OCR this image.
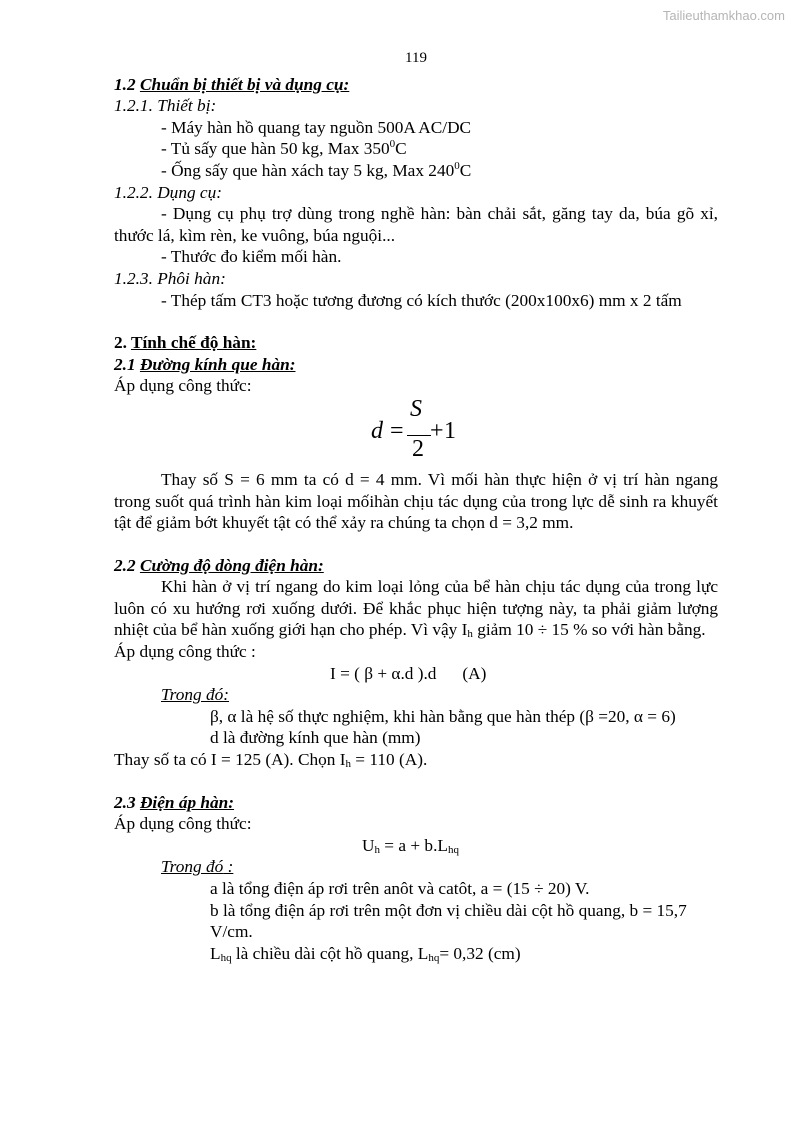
Tailieuthamkhao.com
119
1.2 Chuẩn bị thiết bị và dụng cụ:
1.2.1. Thiết bị:
- Máy hàn hồ quang tay nguồn 500A AC/DC
- Tủ sấy que hàn 50 kg, Max $350^0C$
- Ống sấy que hàn xách tay 5 kg, Max $240^0C$
1.2.2. Dụng cụ:
- Dụng cụ phụ trợ dùng trong nghề hàn: bàn chải sắt, găng tay da, búa gõ xỉ, thước lá, kìm rèn, ke vuông, búa nguội...
- Thước đo kiểm mối hàn.
1.2.3. Phôi hàn:
- Thép tấm CT3 hoặc tương đương có kích thước (200x100x6) mm x 2 tấm
2. Tính chế độ hàn:
2.1 Đường kính que hàn:
Áp dụng công thức:
d =
S
+ 1
2
Thay số S = 6 mm ta có d = 4 mm. Vì mối hàn thực hiện ở vị trí hàn ngang trong suốt quá trình hàn kim loại mốihàn chịu tác dụng của trong lực dễ sinh ra khuyết tật để giảm bớt khuyết tật có thể xảy ra chúng ta chọn d = 3,2 mm.
2.2 Cường độ dòng điện hàn:
Khi hàn ở vị trí ngang do kim loại lỏng của bể hàn chịu tác dụng của trong lực luôn có xu hướng rơi xuống dưới. Để khắc phục hiện tượng này, ta phải giảm lượng nhiệt của bể hàn xuống giới hạn cho phép. Vì vậy $I_h$ giảm 10 ÷ 15 % so với hàn bằng.
Áp dụng công thức :
I = ( β + α.d ).d      (A)
Trong đó:
β, α là hệ số thực nghiệm, khi hàn bằng que hàn thép (β =20, α = 6)
d là đường kính que hàn (mm)
Thay số ta có I = 125 (A). Chọn $I_h = 110$ (A).
2.3 Điện áp hàn:
Áp dụng công thức:
$U_h = a + b.L_{hq}$
Trong đó :
a là tổng điện áp rơi trên anôt và catôt, a = (15 ÷ 20) V.
b là tổng điện áp rơi trên một đơn vị chiều dài cột hồ quang, b = 15,7 V/cm.
$L_{hq}$ là chiều dài cột hồ quang, $L_{hq}= 0,32$ (cm)
